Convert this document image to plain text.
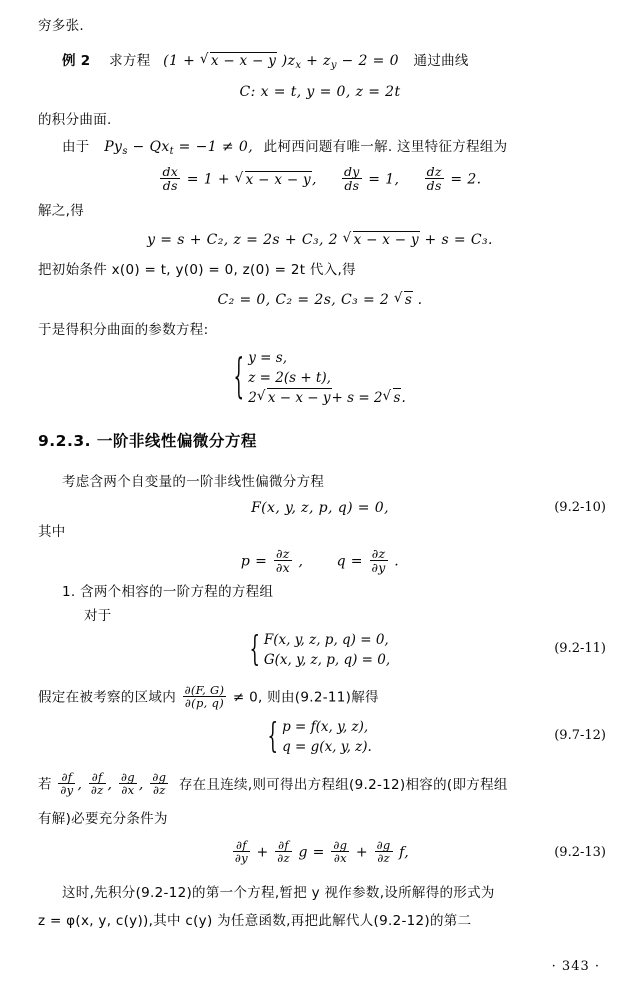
穷多张.
例 2 求方程 (1 + √ x − x − y )$z_x + z_y - 2 = 0$ 通过曲线
C: x = t, y = 0, z = 2t
的积分曲面.
由于 $Py_s - Qx_t = -1 \ne 0$, 此柯西问题有唯一解. 这里特征方程组为
$\frac{dx}{ds} = 1$ + √ x − x − y, $\frac{dy}{ds} = 1$, $\frac{dz}{ds} = 2$.
解之,得
y = s + C₂, z = 2s + C₃, 2 √ x − x − y + s = C₃.
把初始条件 x(0) = t, y(0) = 0, z(0) = 2t 代入,得
C₂ = 0, C₂ = 2s, C₃ = 2 √ s .
于是得积分曲面的参数方程:
{ y = s,
z = 2(s + t),
2 √ x − x − y+ s = 2 √ s.
9.2.3. 一阶非线性偏微分方程
考虑含两个自变量的一阶非线性偏微分方程
F(x, y, z, p, q) = 0,	(9.2-10)
其中
$p = \frac{\partial z}{\partial x}$ , $q = \frac{\partial z}{\partial y}$ .
1. 含两个相容的一阶方程的方程组
对于
{ F(x, y, z, p, q) = 0,
G(x, y, z, p, q) = 0,
(9.2-11)
假定在被考察的区域内 $\frac{\partial(F, G)}{\partial(p, q)} \ne 0$, 则由(9.2-11)解得
{ p = f(x, y, z),
q = g(x, y, z).
(9.7-12)
若 $\frac{\partial f}{\partial y}$ , $\frac{\partial f}{\partial z}$ , $\frac{\partial g}{\partial x}$ , $\frac{\partial g}{\partial z}$ 存在且连续,则可得出方程组(9.2-12)相容的(即方程组
有解)必要充分条件为
$\frac{\partial f}{\partial y} + \frac{\partial f}{\partial z}$ $g = \frac{\partial g}{\partial x} + \frac{\partial g}{\partial z} f$,	(9.2-13)
这时,先积分(9.2-12)的第一个方程,暂把 y 视作参数,设所解得的形式为
z = φ(x, y, c(y)),其中 c(y) 为任意函数,再把此解代人(9.2-12)的第二
· 343 ·
